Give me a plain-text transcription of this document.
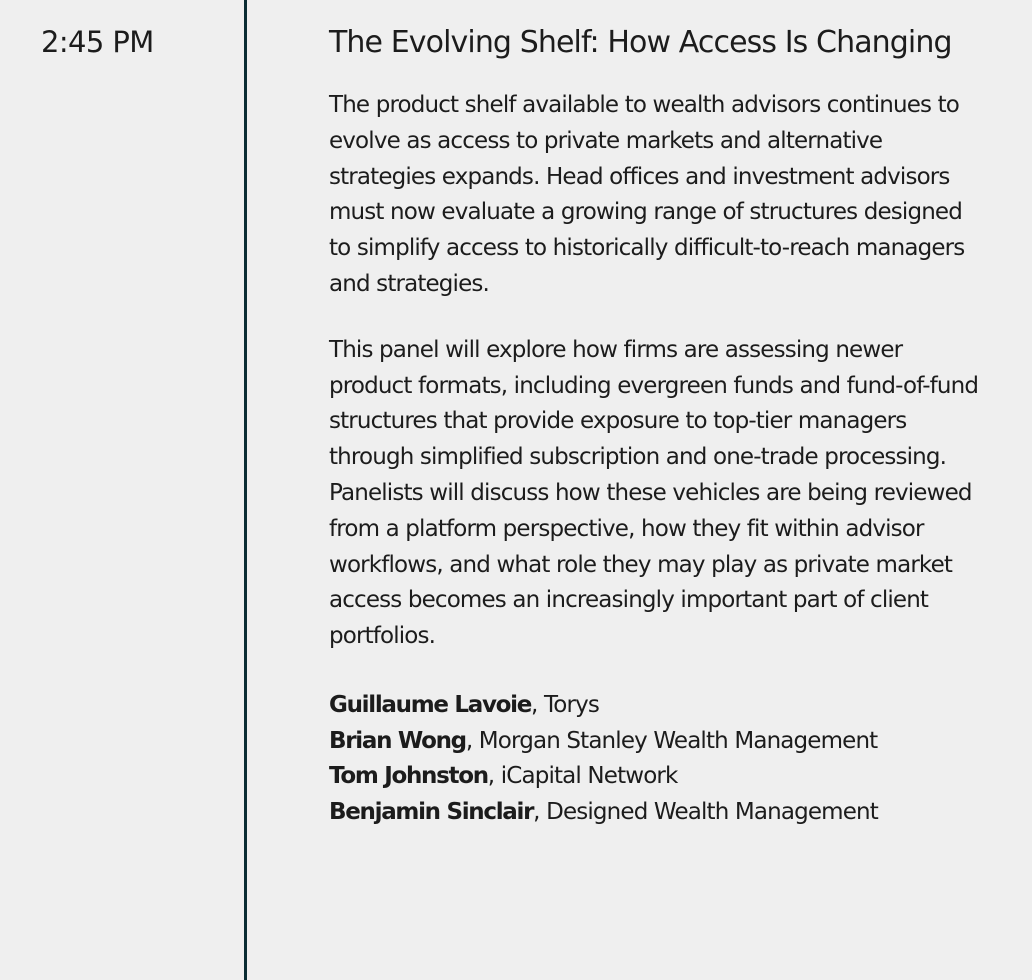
2:45 PM	The Evolving Shelf: How Access Is Changing

The product shelf available to wealth advisors continues to evolve as access to private markets and alternative strategies expands. Head offices and investment advisors must now evaluate a growing range of structures designed to simplify access to historically difficult-to-reach managers and strategies.

This panel will explore how firms are assessing newer product formats, including evergreen funds and fund-of-fund structures that provide exposure to top-tier managers through simplified subscription and one-trade processing. Panelists will discuss how these vehicles are being reviewed from a platform perspective, how they fit within advisor workflows, and what role they may play as private market access becomes an increasingly important part of client portfolios.

Guillaume Lavoie, Torys
Brian Wong, Morgan Stanley Wealth Management
Tom Johnston, iCapital Network
Benjamin Sinclair, Designed Wealth Management
